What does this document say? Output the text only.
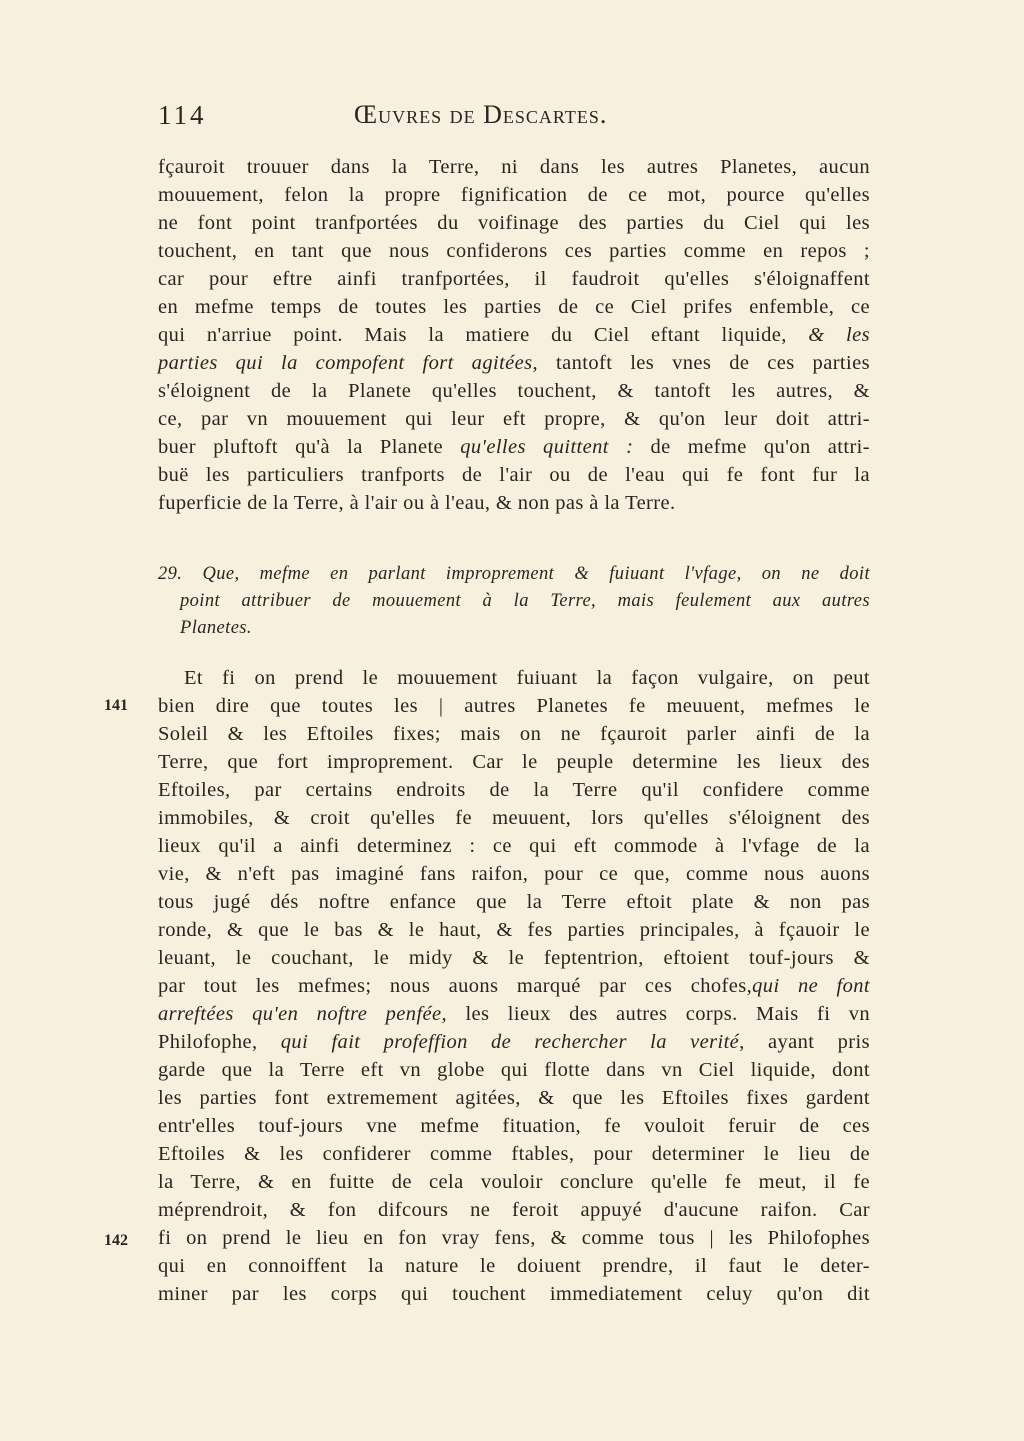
114	Œuvres de Descartes.
fçauroit trouuer dans la Terre, ni dans les autres Planetes, aucun
mouuement, felon la propre fignification de ce mot, pource qu'elles
ne font point tranfportées du voifinage des parties du Ciel qui les
touchent, en tant que nous confiderons ces parties comme en repos ;
car pour eftre ainfi tranfportées, il faudroit qu'elles s'éloignaffent
en mefme temps de toutes les parties de ce Ciel prifes enfemble, ce
qui n'arriue point. Mais la matiere du Ciel eftant liquide, & les
parties qui la compofent fort agitées, tantoft les vnes de ces parties
s'éloignent de la Planete qu'elles touchent, & tantoft les autres, &
ce, par vn mouuement qui leur eft propre, & qu'on leur doit attri-
buer pluftoft qu'à la Planete qu'elles quittent : de mefme qu'on attri-
buë les particuliers tranfports de l'air ou de l'eau qui fe font fur la
fuperficie de la Terre, à l'air ou à l'eau, & non pas à la Terre.
29. Que, mefme en parlant improprement & fuiuant l'vfage, on ne doit
point attribuer de mouuement à la Terre, mais feulement aux autres
Planetes.
141
142
Et fi on prend le mouuement fuiuant la façon vulgaire, on peut
bien dire que toutes les | autres Planetes fe meuuent, mefmes le
Soleil & les Eftoiles fixes; mais on ne fçauroit parler ainfi de la
Terre, que fort improprement. Car le peuple determine les lieux des
Eftoiles, par certains endroits de la Terre qu'il confidere comme
immobiles, & croit qu'elles fe meuuent, lors qu'elles s'éloignent des
lieux qu'il a ainfi determinez : ce qui eft commode à l'vfage de la
vie, & n'eft pas imaginé fans raifon, pour ce que, comme nous auons
tous jugé dés noftre enfance que la Terre eftoit plate & non pas
ronde, & que le bas & le haut, & fes parties principales, à fçauoir le
leuant, le couchant, le midy & le feptentrion, eftoient touf-jours &
par tout les mefmes; nous auons marqué par ces chofes,qui ne font
arreftées qu'en noftre penfée, les lieux des autres corps. Mais fi vn
Philofophe, qui fait profeffion de rechercher la verité, ayant pris
garde que la Terre eft vn globe qui flotte dans vn Ciel liquide, dont
les parties font extremement agitées, & que les Eftoiles fixes gardent
entr'elles touf-jours vne mefme fituation, fe vouloit feruir de ces
Eftoiles & les confiderer comme ftables, pour determiner le lieu de
la Terre, & en fuitte de cela vouloir conclure qu'elle fe meut, il fe
méprendroit, & fon difcours ne feroit appuyé d'aucune raifon. Car
fi on prend le lieu en fon vray fens, & comme tous | les Philofophes
qui en connoiffent la nature le doiuent prendre, il faut le deter-
miner par les corps qui touchent immediatement celuy qu'on dit
